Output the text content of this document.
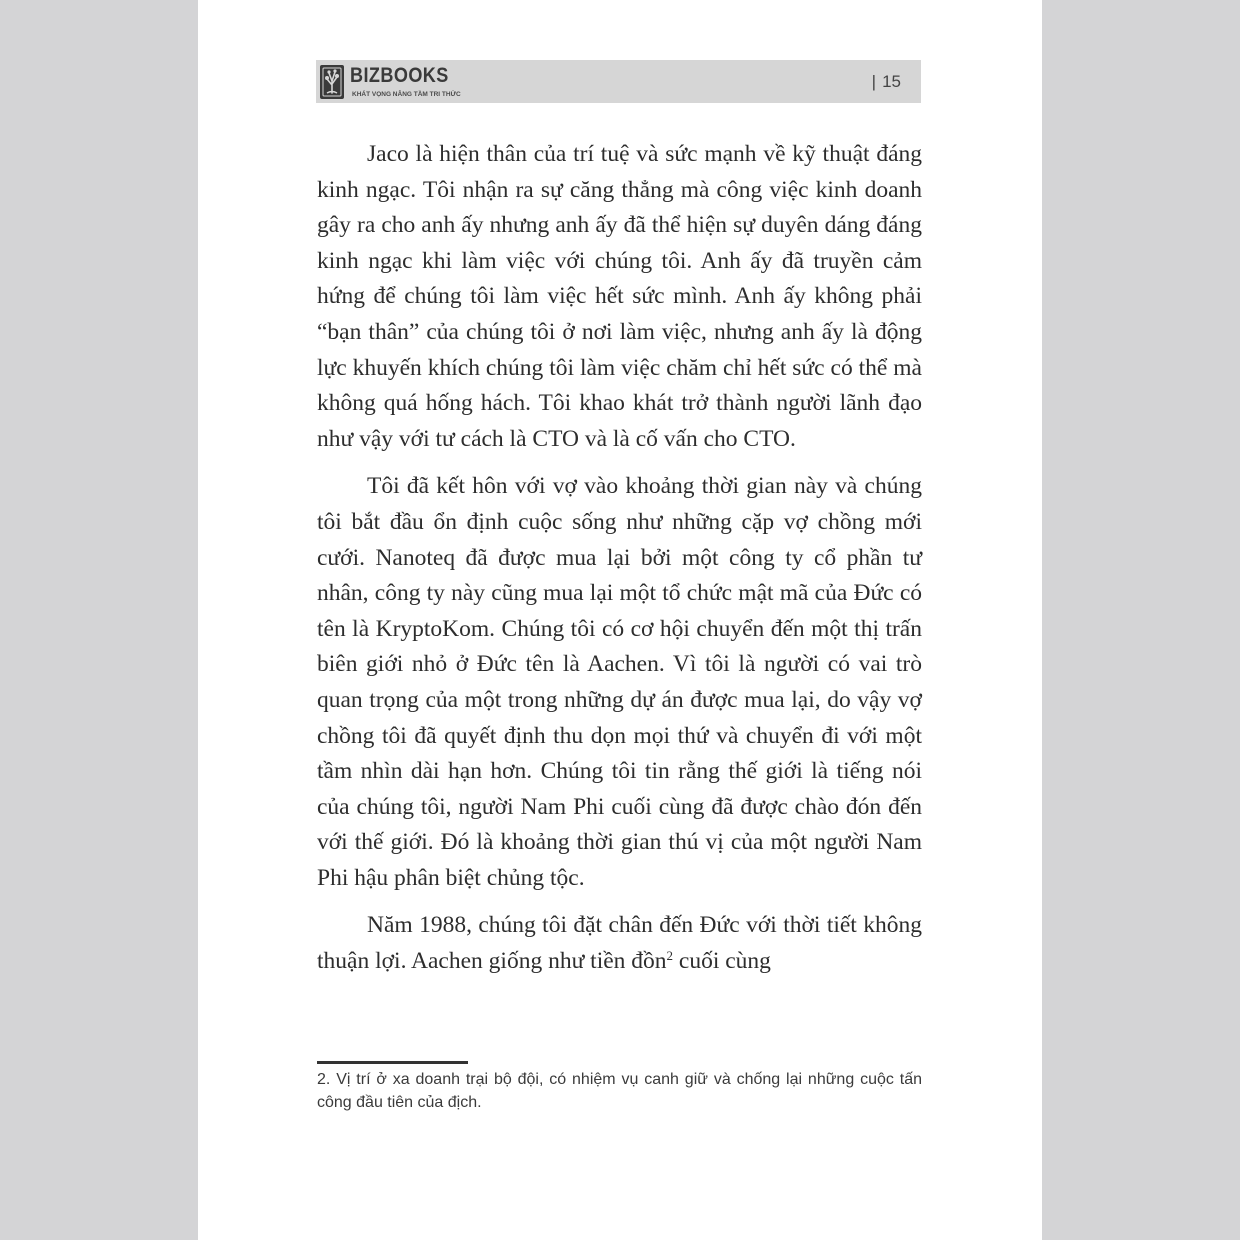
BIZBOOKS
KHÁT VỌNG NÂNG TẦM TRI THỨC
| 15

Jaco là hiện thân của trí tuệ và sức mạnh về kỹ thuật đáng kinh ngạc. Tôi nhận ra sự căng thẳng mà công việc kinh doanh gây ra cho anh ấy nhưng anh ấy đã thể hiện sự duyên dáng đáng kinh ngạc khi làm việc với chúng tôi. Anh ấy đã truyền cảm hứng để chúng tôi làm việc hết sức mình. Anh ấy không phải “bạn thân” của chúng tôi ở nơi làm việc, nhưng anh ấy là động lực khuyến khích chúng tôi làm việc chăm chỉ hết sức có thể mà không quá hống hách. Tôi khao khát trở thành người lãnh đạo như vậy với tư cách là CTO và là cố vấn cho CTO.

Tôi đã kết hôn với vợ vào khoảng thời gian này và chúng tôi bắt đầu ổn định cuộc sống như những cặp vợ chồng mới cưới. Nanoteq đã được mua lại bởi một công ty cổ phần tư nhân, công ty này cũng mua lại một tổ chức mật mã của Đức có tên là KryptoKom. Chúng tôi có cơ hội chuyển đến một thị trấn biên giới nhỏ ở Đức tên là Aachen. Vì tôi là người có vai trò quan trọng của một trong những dự án được mua lại, do vậy vợ chồng tôi đã quyết định thu dọn mọi thứ và chuyển đi với một tầm nhìn dài hạn hơn. Chúng tôi tin rằng thế giới là tiếng nói của chúng tôi, người Nam Phi cuối cùng đã được chào đón đến với thế giới. Đó là khoảng thời gian thú vị của một người Nam Phi hậu phân biệt chủng tộc.

Năm 1988, chúng tôi đặt chân đến Đức với thời tiết không thuận lợi. Aachen giống như tiền đồn$^2$ cuối cùng

2. Vị trí ở xa doanh trại bộ đội, có nhiệm vụ canh giữ và chống lại những cuộc tấn công đầu tiên của địch.
